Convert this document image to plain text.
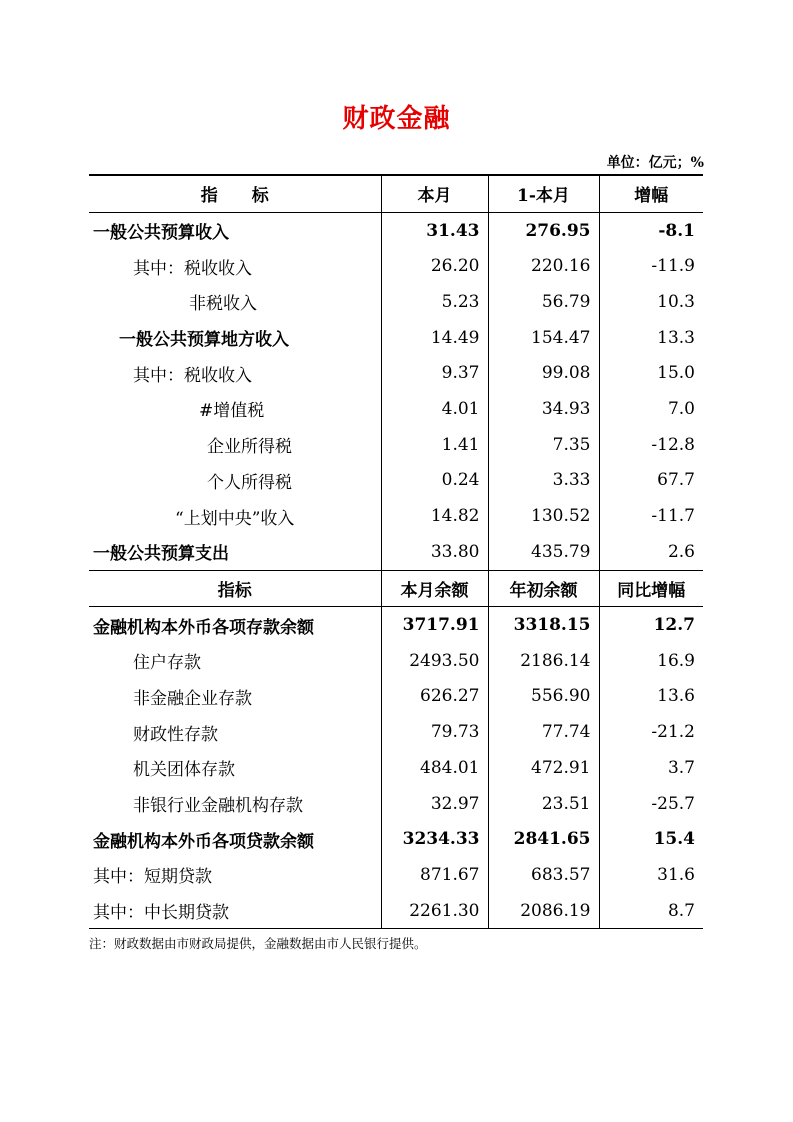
财政金融
单位：亿元；%
指　　标	本月	1-本月	增幅
一般公共预算收入	31.43	276.95	-8.1
其中：税收收入	26.20	220.16	-11.9
非税收入	5.23	56.79	10.3
一般公共预算地方收入	14.49	154.47	13.3
其中：税收收入	9.37	99.08	15.0
#增值税	4.01	34.93	7.0
企业所得税	1.41	7.35	-12.8
个人所得税	0.24	3.33	67.7
“上划中央”收入	14.82	130.52	-11.7
一般公共预算支出	33.80	435.79	2.6
指标	本月余额	年初余额	同比增幅
金融机构本外币各项存款余额	3717.91	3318.15	12.7
住户存款	2493.50	2186.14	16.9
非金融企业存款	626.27	556.90	13.6
财政性存款	79.73	77.74	-21.2
机关团体存款	484.01	472.91	3.7
非银行业金融机构存款	32.97	23.51	-25.7
金融机构本外币各项贷款余额	3234.33	2841.65	15.4
其中：短期贷款	871.67	683.57	31.6
其中：中长期贷款	2261.30	2086.19	8.7
注：财政数据由市财政局提供，金融数据由市人民银行提供。
